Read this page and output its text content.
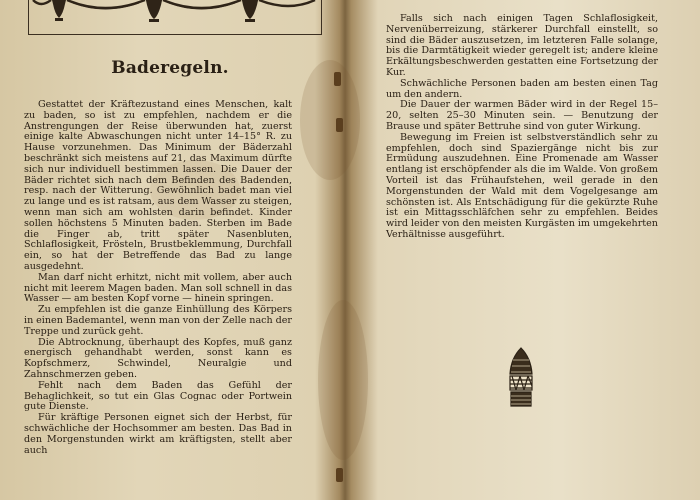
Baderegeln.

Gestattet der Kräftezustand eines Menschen, kalt zu baden, so ist zu empfehlen, nachdem er die Anstrengungen der Reise überwunden hat, zuerst einige kalte Abwaschungen nicht unter 14–15° R. zu Hause vorzunehmen. Das Minimum der Bäderzahl beschränkt sich meistens auf 21, das Maximum dürfte sich nur individuell bestimmen lassen. Die Dauer der Bäder richtet sich nach dem Befinden des Badenden, resp. nach der Witterung. Gewöhnlich badet man viel zu lange und es ist ratsam, aus dem Wasser zu steigen, wenn man sich am wohlsten darin befindet. Kinder sollen höchstens 5 Minuten baden. Sterben im Bade die Finger ab, tritt später Nasenbluten, Schlaflosigkeit, Frösteln, Brustbeklemmung, Durchfall ein, so hat der Betreffende das Bad zu lange ausgedehnt.

Man darf nicht erhitzt, nicht mit vollem, aber auch nicht mit leerem Magen baden. Man soll schnell in das Wasser — am besten Kopf vorne — hinein springen.

Zu empfehlen ist die ganze Einhüllung des Körpers in einen Bademantel, wenn man von der Zelle nach der Treppe und zurück geht.

Die Abtrocknung, überhaupt des Kopfes, muß ganz energisch gehandhabt werden, sonst kann es Kopfschmerz, Schwindel, Neuralgie und Zahnschmerzen geben.

Fehlt nach dem Baden das Gefühl der Behaglichkeit, so tut ein Glas Cognac oder Portwein gute Dienste.

Für kräftige Personen eignet sich der Herbst, für schwächliche der Hochsommer am besten. Das Bad in den Morgenstunden wirkt am kräftigsten, stellt aber auch

Falls sich nach einigen Tagen Schlaflosigkeit, Nervenüberreizung, stärkerer Durchfall einstellt, so sind die Bäder auszusetzen, im letzteren Falle solange, bis die Darmtätigkeit wieder geregelt ist; andere kleine Erkältungsbeschwerden gestatten eine Fortsetzung der Kur.

Schwächliche Personen baden am besten einen Tag um den andern.

Die Dauer der warmen Bäder wird in der Regel 15–20, selten 25–30 Minuten sein. — Benutzung der Brause und später Bettruhe sind von guter Wirkung.

Bewegung im Freien ist selbstverständlich sehr zu empfehlen, doch sind Spaziergänge nicht bis zur Ermüdung auszudehnen. Eine Promenade am Wasser entlang ist erschöpfender als die im Walde. Von großem Vorteil ist das Frühaufstehen, weil gerade in den Morgenstunden der Wald mit dem Vogelgesange am schönsten ist. Als Entschädigung für die gekürzte Ruhe ist ein Mittagsschläfchen sehr zu empfehlen. Beides wird leider von den meisten Kurgästen im umgekehrten Verhältnisse ausgeführt.
